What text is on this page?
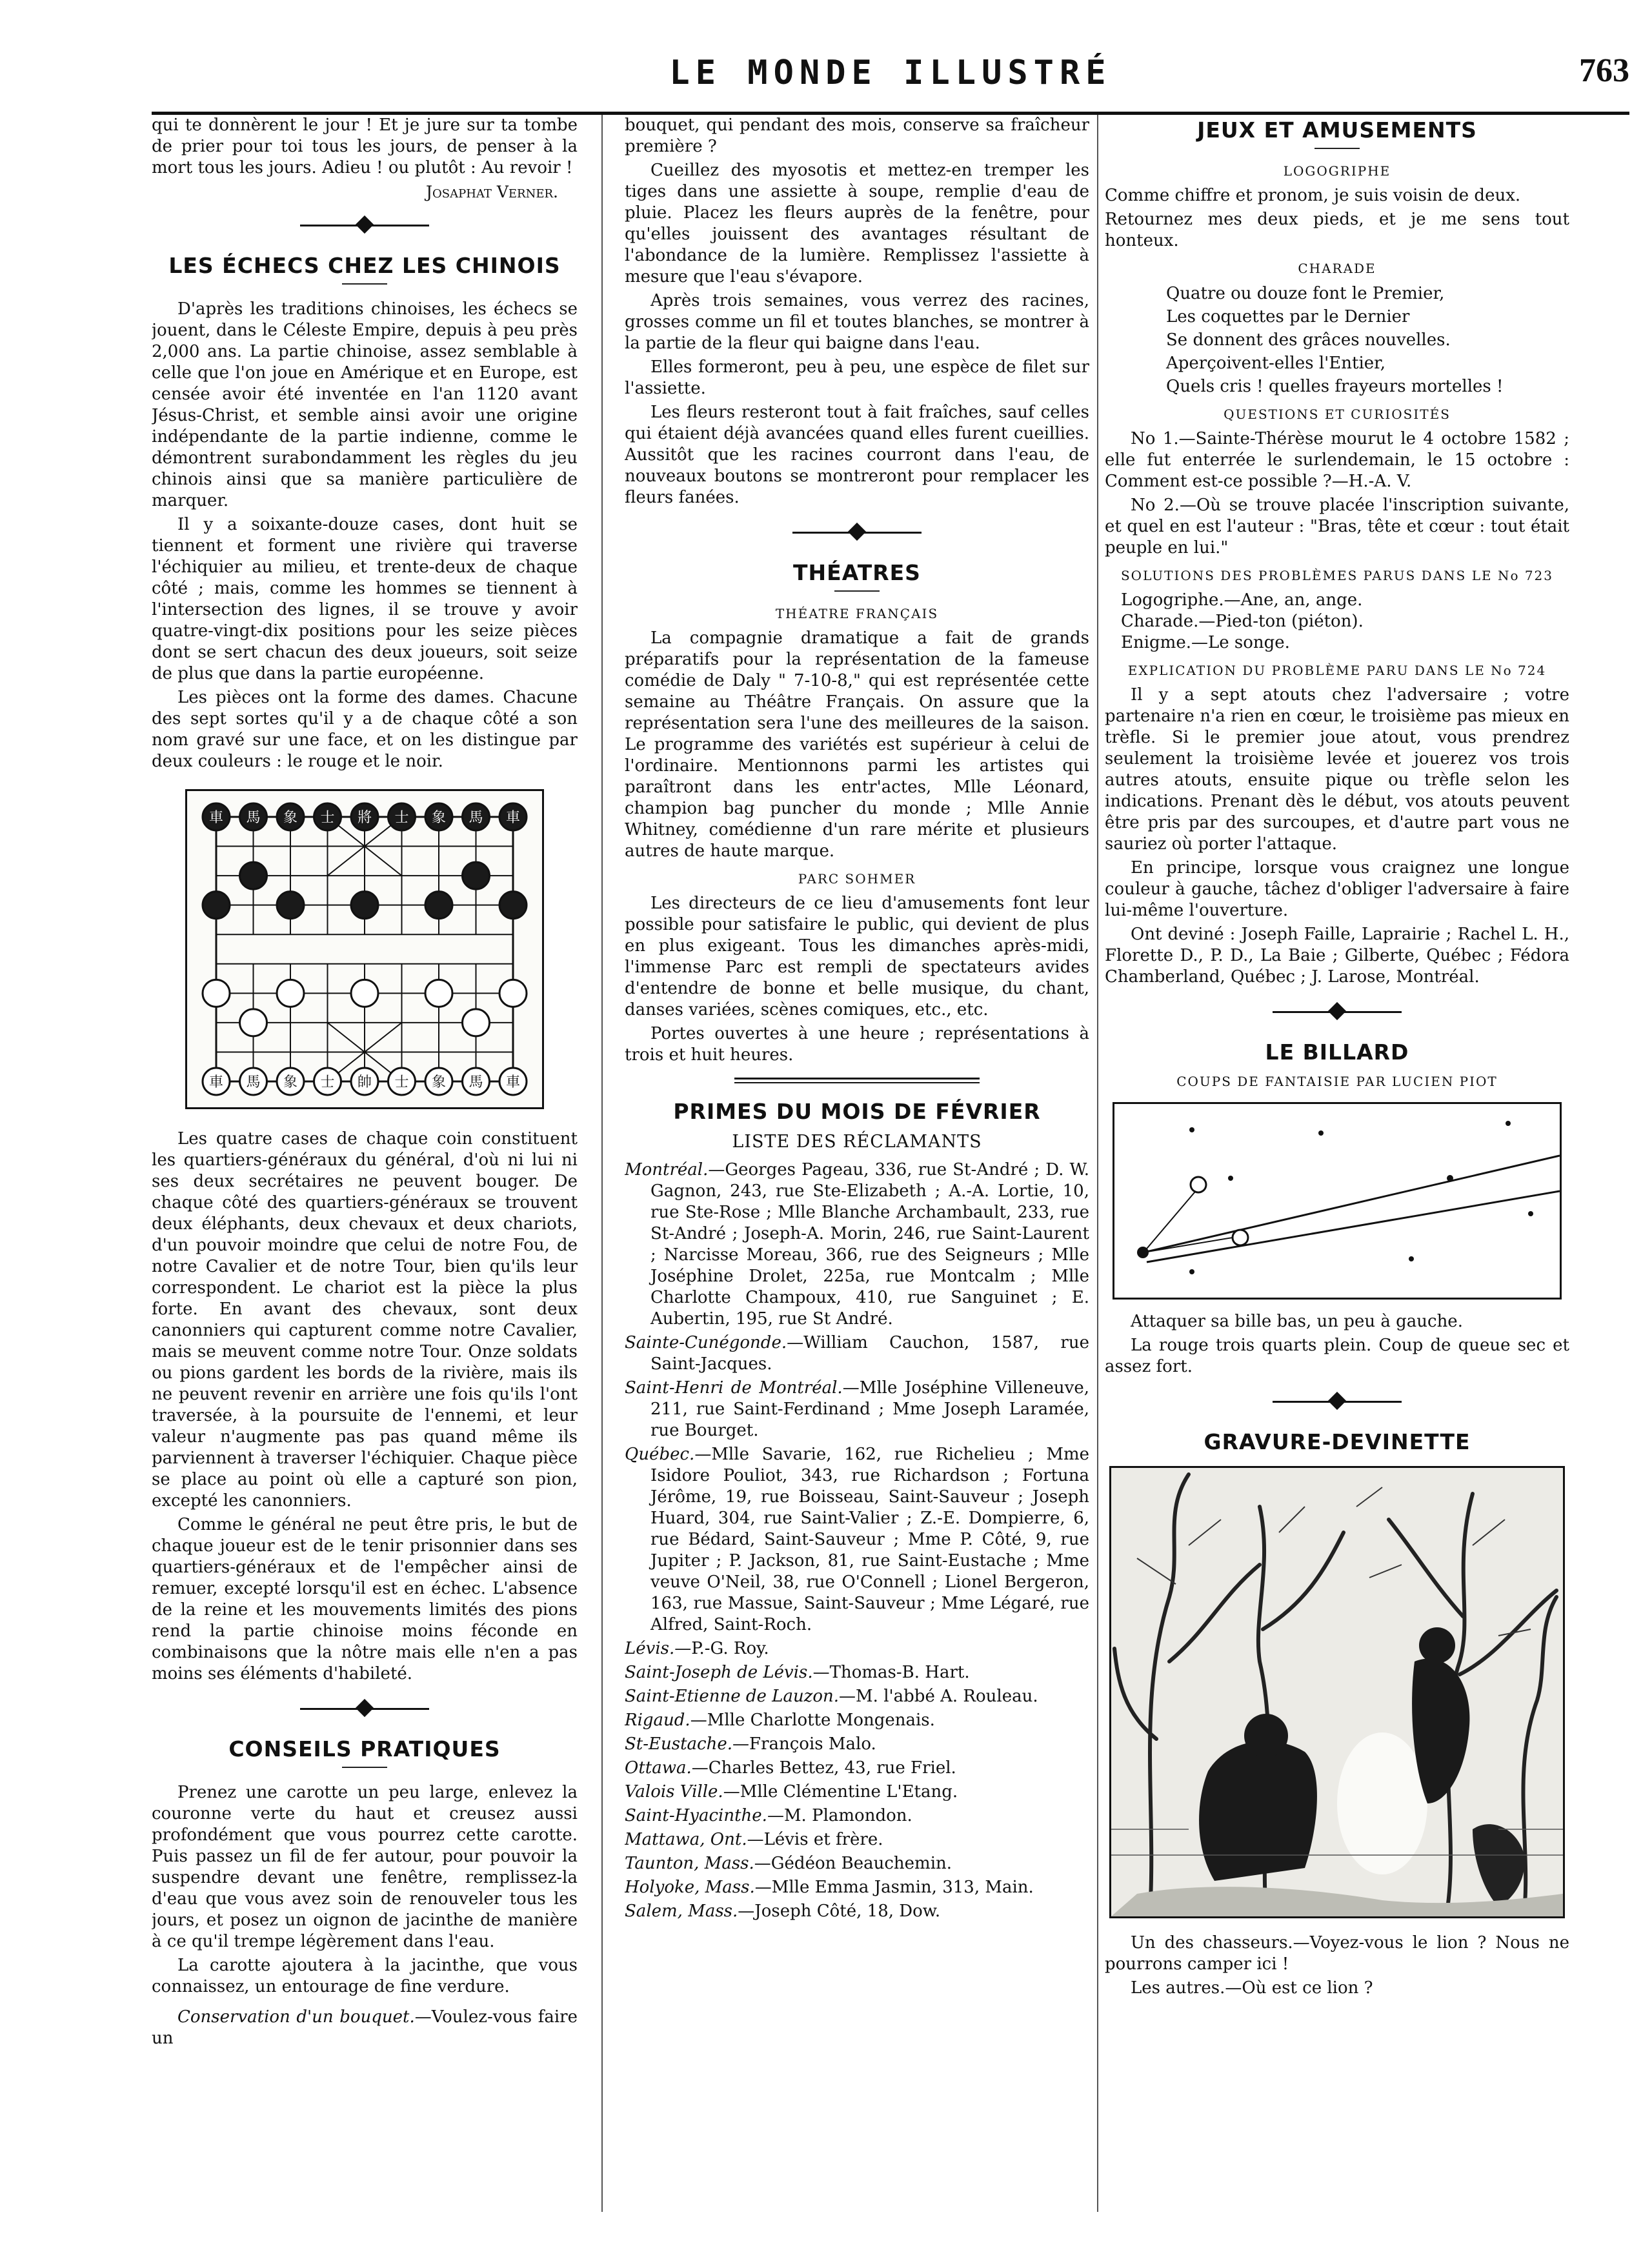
LE MONDE ILLUSTRÉ	763

qui te donnèrent le jour ! Et je jure sur ta tombe de prier pour toi tous les jours, de penser à la mort tous les jours. Adieu ! ou plutôt : Au revoir !

Josaphat Verner.
LES ÉCHECS CHEZ LES CHINOIS

D'après les traditions chinoises, les échecs se jouent, dans le Céleste Empire, depuis à peu près 2,000 ans. La partie chinoise, assez semblable à celle que l'on joue en Amérique et en Europe, est censée avoir été inventée en l'an 1120 avant Jésus-Christ, et semble ainsi avoir une origine indépendante de la partie indienne, comme le démontrent surabondamment les règles du jeu chinois ainsi que sa manière particulière de marquer.

Il y a soixante-douze cases, dont huit se tiennent et forment une rivière qui traverse l'échiquier au milieu, et trente-deux de chaque côté ; mais, comme les hommes se tiennent à l'intersection des lignes, il se trouve y avoir quatre-vingt-dix positions pour les seize pièces dont se sert chacun des deux joueurs, soit seize de plus que dans la partie européenne.

Les pièces ont la forme des dames. Chacune des sept sortes qu'il y a de chaque côté a son nom gravé sur une face, et on les distingue par deux couleurs : le rouge et le noir.

車 馬 象 士 將 士 象 馬 車
車 馬 象 士 帥 士 象 馬 車

Les quatre cases de chaque coin constituent les quartiers-généraux du général, d'où ni lui ni ses deux secrétaires ne peuvent bouger. De chaque côté des quartiers-généraux se trouvent deux éléphants, deux chevaux et deux chariots, d'un pouvoir moindre que celui de notre Fou, de notre Cavalier et de notre Tour, bien qu'ils leur correspondent. Le chariot est la pièce la plus forte. En avant des chevaux, sont deux canonniers qui capturent comme notre Cavalier, mais se meuvent comme notre Tour. Onze soldats ou pions gardent les bords de la rivière, mais ils ne peuvent revenir en arrière une fois qu'ils l'ont traversée, à la poursuite de l'ennemi, et leur valeur n'augmente pas pas quand même ils parviennent à traverser l'échiquier. Chaque pièce se place au point où elle a capturé son pion, excepté les canonniers.

Comme le général ne peut être pris, le but de chaque joueur est de le tenir prisonnier dans ses quartiers-généraux et de l'empêcher ainsi de remuer, excepté lorsqu'il est en échec. L'absence de la reine et les mouvements limités des pions rend la partie chinoise moins féconde en combinaisons que la nôtre mais elle n'en a pas moins ses éléments d'habileté.

CONSEILS PRATIQUES

Prenez une carotte un peu large, enlevez la couronne verte du haut et creusez aussi profondément que vous pourrez cette carotte. Puis passez un fil de fer autour, pour pouvoir la suspendre devant une fenêtre, remplissez-la d'eau que vous avez soin de renouveler tous les jours, et posez un oignon de jacinthe de manière à ce qu'il trempe légèrement dans l'eau.

La carotte ajoutera à la jacinthe, que vous connaissez, un entourage de fine verdure.

Conservation d'un bouquet.—Voulez-vous faire un

bouquet, qui pendant des mois, conserve sa fraîcheur première ?

Cueillez des myosotis et mettez-en tremper les tiges dans une assiette à soupe, remplie d'eau de pluie. Placez les fleurs auprès de la fenêtre, pour qu'elles jouissent des avantages résultant de l'abondance de la lumière. Remplissez l'assiette à mesure que l'eau s'évapore.

Après trois semaines, vous verrez des racines, grosses comme un fil et toutes blanches, se montrer à la partie de la fleur qui baigne dans l'eau.

Elles formeront, peu à peu, une espèce de filet sur l'assiette.

Les fleurs resteront tout à fait fraîches, sauf celles qui étaient déjà avancées quand elles furent cueillies. Aussitôt que les racines courront dans l'eau, de nouveaux boutons se montreront pour remplacer les fleurs fanées.

THÉATRES
THÉATRE FRANÇAIS

La compagnie dramatique a fait de grands préparatifs pour la représentation de la fameuse comédie de Daly " 7-10-8," qui est représentée cette semaine au Théâtre Français. On assure que la représentation sera l'une des meilleures de la saison. Le programme des variétés est supérieur à celui de l'ordinaire. Mentionnons parmi les artistes qui paraîtront dans les entr'actes, Mlle Léonard, champion bag puncher du monde ; Mlle Annie Whitney, comédienne d'un rare mérite et plusieurs autres de haute marque.

PARC SOHMER

Les directeurs de ce lieu d'amusements font leur possible pour satisfaire le public, qui devient de plus en plus exigeant. Tous les dimanches après-midi, l'immense Parc est rempli de spectateurs avides d'entendre de bonne et belle musique, du chant, danses variées, scènes comiques, etc., etc.

Portes ouvertes à une heure ; représentations à trois et huit heures.

PRIMES DU MOIS DE FÉVRIER
LISTE DES RÉCLAMANTS

Montréal.—Georges Pageau, 336, rue St-André ; D. W. Gagnon, 243, rue Ste-Elizabeth ; A.-A. Lortie, 10, rue Ste-Rose ; Mlle Blanche Archambault, 233, rue St-André ; Joseph-A. Morin, 246, rue Saint-Laurent ; Narcisse Moreau, 366, rue des Seigneurs ; Mlle Joséphine Drolet, 225a, rue Montcalm ; Mlle Charlotte Champoux, 410, rue Sanguinet ; E. Aubertin, 195, rue St André.

Sainte-Cunégonde.—William Cauchon, 1587, rue Saint-Jacques.

Saint-Henri de Montréal.—Mlle Joséphine Villeneuve, 211, rue Saint-Ferdinand ; Mme Joseph Laramée, rue Bourget.

Québec.—Mlle Savarie, 162, rue Richelieu ; Mme Isidore Pouliot, 343, rue Richardson ; Fortuna Jérôme, 19, rue Boisseau, Saint-Sauveur ; Joseph Huard, 304, rue Saint-Valier ; Z.-E. Dompierre, 6, rue Bédard, Saint-Sauveur ; Mme P. Côté, 9, rue Jupiter ; P. Jackson, 81, rue Saint-Eustache ; Mme veuve O'Neil, 38, rue O'Connell ; Lionel Bergeron, 163, rue Massue, Saint-Sauveur ; Mme Légaré, rue Alfred, Saint-Roch.

Lévis.—P.-G. Roy.

Saint-Joseph de Lévis.—Thomas-B. Hart.

Saint-Etienne de Lauzon.—M. l'abbé A. Rouleau.

Rigaud.—Mlle Charlotte Mongenais.

St-Eustache.—François Malo.

Ottawa.—Charles Bettez, 43, rue Friel.

Valois Ville.—Mlle Clémentine L'Etang.

Saint-Hyacinthe.—M. Plamondon.

Mattawa, Ont.—Lévis et frère.

Taunton, Mass.—Gédéon Beauchemin.

Holyoke, Mass.—Mlle Emma Jasmin, 313, Main.

Salem, Mass.—Joseph Côté, 18, Dow.

JEUX ET AMUSEMENTS
LOGOGRIPHE

Comme chiffre et pronom, je suis voisin de deux.

Retournez mes deux pieds, et je me sens tout honteux.

CHARADE
Quatre ou douze font le Premier,
Les coquettes par le Dernier
Se donnent des grâces nouvelles.
Aperçoivent-elles l'Entier,
Quels cris ! quelles frayeurs mortelles !
QUESTIONS ET CURIOSITÉS

No 1.—Sainte-Thérèse mourut le 4 octobre 1582 ; elle fut enterrée le surlendemain, le 15 octobre : Comment est-ce possible ?—H.-A. V.

No 2.—Où se trouve placée l'inscription suivante, et quel en est l'auteur : "Bras, tête et cœur : tout était peuple en lui."

SOLUTIONS DES PROBLÈMES PARUS DANS LE No 723
Logogriphe.—Ane, an, ange.
Charade.—Pied-ton (piéton).
Enigme.—Le songe.
EXPLICATION DU PROBLÈME PARU DANS LE No 724

Il y a sept atouts chez l'adversaire ; votre partenaire n'a rien en cœur, le troisième pas mieux en trèfle. Si le premier joue atout, vous prendrez seulement la troisième levée et jouerez vos trois autres atouts, ensuite pique ou trèfle selon les indications. Prenant dès le début, vos atouts peuvent être pris par des surcoupes, et d'autre part vous ne sauriez où porter l'attaque.

En principe, lorsque vous craignez une longue couleur à gauche, tâchez d'obliger l'adversaire à faire lui-même l'ouverture.

Ont deviné : Joseph Faille, Laprairie ; Rachel L. H., Florette D., P. D., La Baie ; Gilberte, Québec ; Fédora Chamberland, Québec ; J. Larose, Montréal.

LE BILLARD
COUPS DE FANTAISIE PAR LUCIEN PIOT

Attaquer sa bille bas, un peu à gauche.

La rouge trois quarts plein. Coup de queue sec et assez fort.

GRAVURE-DEVINETTE

Un des chasseurs.—Voyez-vous le lion ? Nous ne pourrons camper ici !

Les autres.—Où est ce lion ?
